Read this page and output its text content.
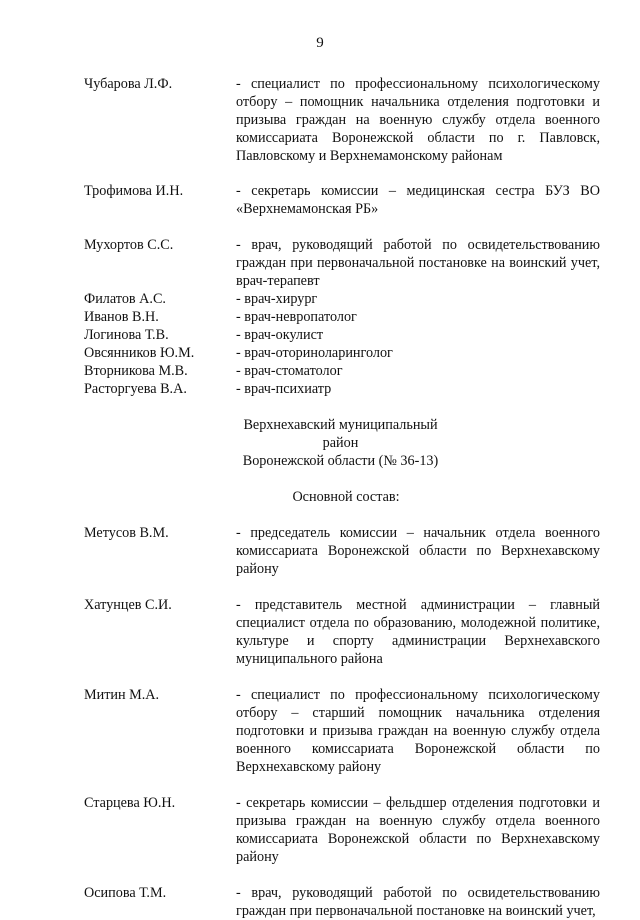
9
Чубарова Л.Ф.	- специалист по профессиональному психологическому отбору – помощник начальника отделения подготовки и призыва граждан на военную службу отдела военного комиссариата Воронежской области по г. Павловск, Павловскому и Верхнемамонскому районам
Трофимова И.Н.	- секретарь комиссии – медицинская сестра БУЗ ВО «Верхнемамонская РБ»
Мухортов С.С.	- врач, руководящий работой по освидетельствованию граждан при первоначальной постановке на воинский учет, врач-терапевт
Филатов А.С.	- врач-хирург
Иванов В.Н.	- врач-невропатолог
Логинова Т.В.	- врач-окулист
Овсянников Ю.М.	- врач-оториноларинголог
Вторникова М.В.	- врач-стоматолог
Расторгуева В.А.	- врач-психиатр
Верхнехавский муниципальный район
Воронежской области (№ 36-13)
Основной состав:
Метусов В.М.	- председатель комиссии – начальник отдела военного комиссариата Воронежской области по Верхнехавскому району
Хатунцев С.И.	- представитель местной администрации – главный специалист отдела по образованию, молодежной политике, культуре и спорту администрации Верхнехавского муниципального района
Митин М.А.	- специалист по профессиональному психологическому отбору – старший помощник начальника отделения подготовки и призыва граждан на военную службу отдела военного комиссариата Воронежской области по Верхнехавскому району
Старцева Ю.Н.	- секретарь комиссии – фельдшер отделения подготовки и призыва граждан на военную службу отдела военного комиссариата Воронежской области по Верхнехавскому району
Осипова Т.М.	- врач, руководящий работой по освидетельствованию граждан при первоначальной постановке на воинский учет,
